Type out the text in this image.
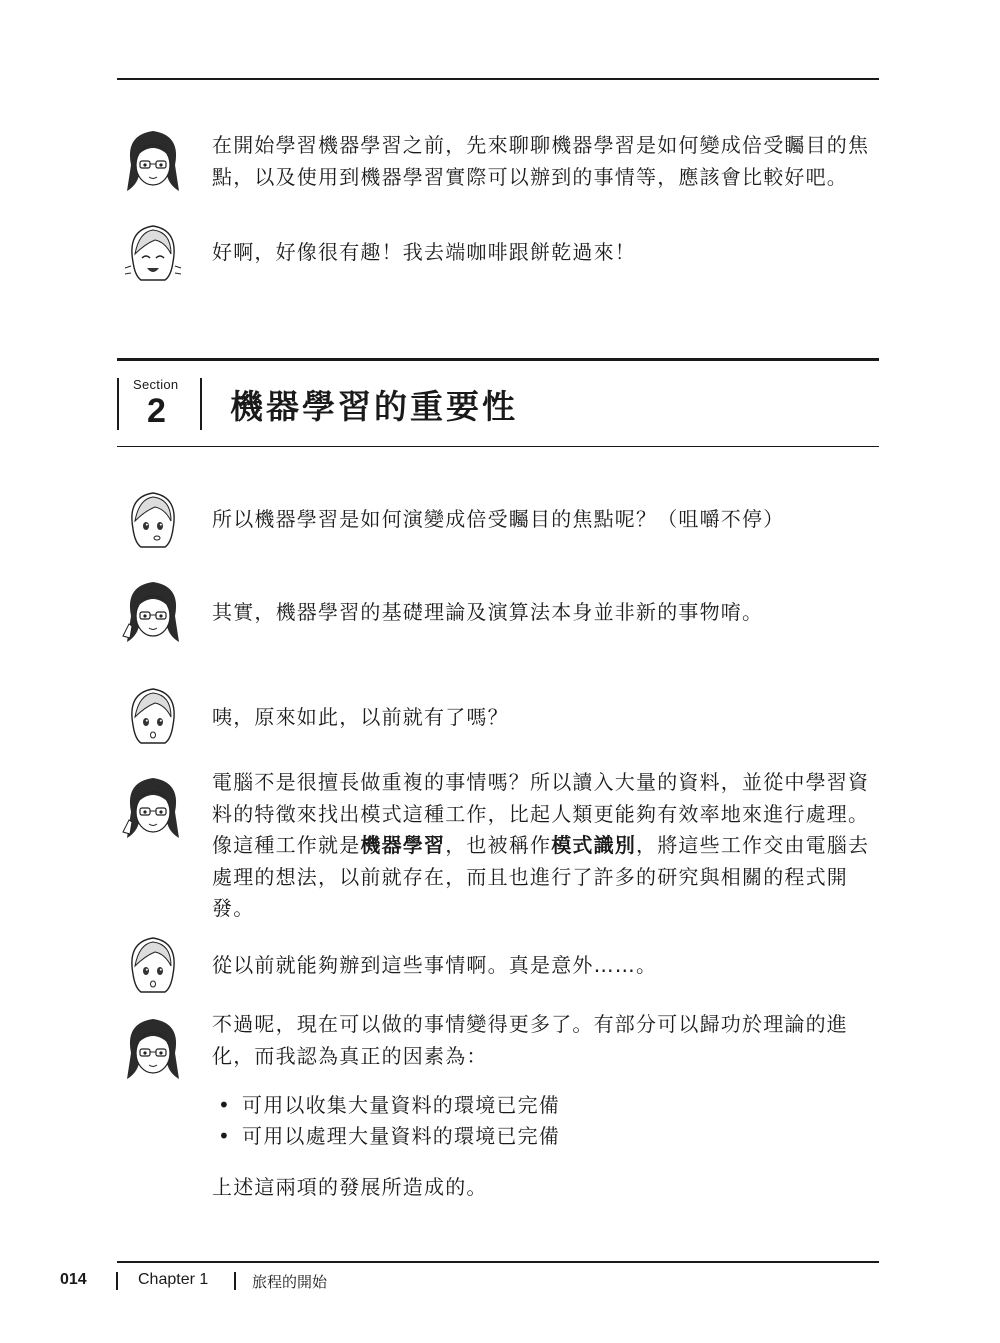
在開始學習機器學習之前，先來聊聊機器學習是如何變成倍受矚目的焦點，以及使用到機器學習實際可以辦到的事情等，應該會比較好吧。

好啊，好像很有趣！我去端咖啡跟餅乾過來！

Section
2 機器學習的重要性

所以機器學習是如何演變成倍受矚目的焦點呢？（咀嚼不停）

其實，機器學習的基礎理論及演算法本身並非新的事物唷。

咦，原來如此，以前就有了嗎？

電腦不是很擅長做重複的事情嗎？所以讀入大量的資料，並從中學習資料的特徵來找出模式這種工作，比起人類更能夠有效率地來進行處理。像這種工作就是機器學習，也被稱作模式識別，將這些工作交由電腦去處理的想法，以前就存在，而且也進行了許多的研究與相關的程式開發。

從以前就能夠辦到這些事情啊。真是意外……。

不過呢，現在可以做的事情變得更多了。有部分可以歸功於理論的進化，而我認為真正的因素為：

• 可用以收集大量資料的環境已完備
• 可用以處理大量資料的環境已完備

上述這兩項的發展所造成的。

014	Chapter 1	旅程的開始
